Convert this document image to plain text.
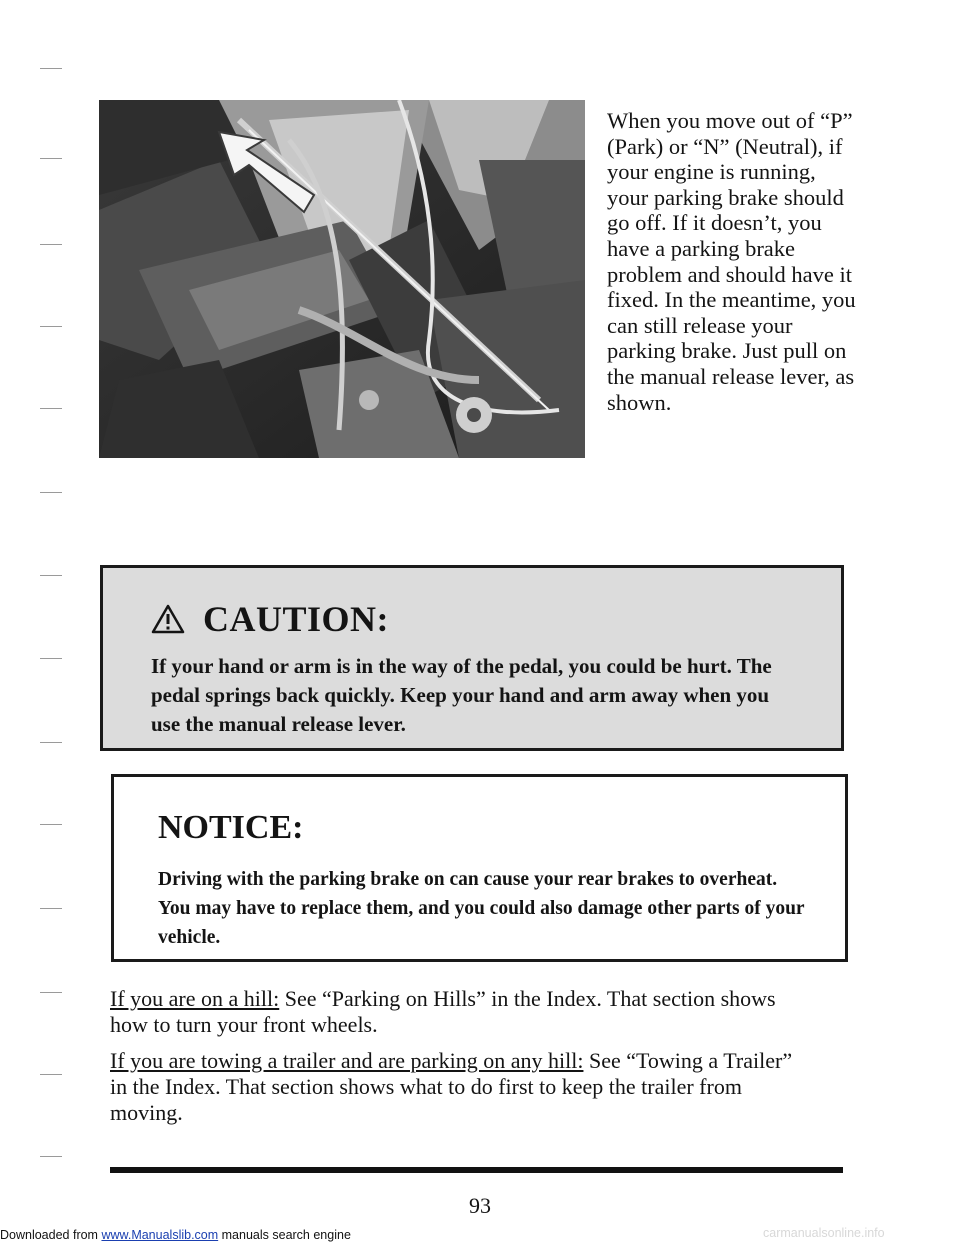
When you move out of “P” (Park) or “N” (Neutral), if your engine is running, your parking brake should go off. If it doesn’t, you have a parking brake problem and should have it fixed. In the meantime, you can still release your parking brake. Just pull on the manual release lever, as shown.
CAUTION:
If your hand or arm is in the way of the pedal, you could be hurt. The pedal springs back quickly. Keep your hand and arm away when you use the manual release lever.
NOTICE:
Driving with the parking brake on can cause your rear brakes to overheat. You may have to replace them, and you could also damage other parts of your vehicle.
If you are on a hill: See “Parking on Hills” in the Index. That section shows how to turn your front wheels.
If you are towing a trailer and are parking on any hill: See “Towing a Trailer” in the Index. That section shows what to do first to keep the trailer from moving.
93
Downloaded from www.Manualslib.com manuals search engine	carmanualsonline.info
